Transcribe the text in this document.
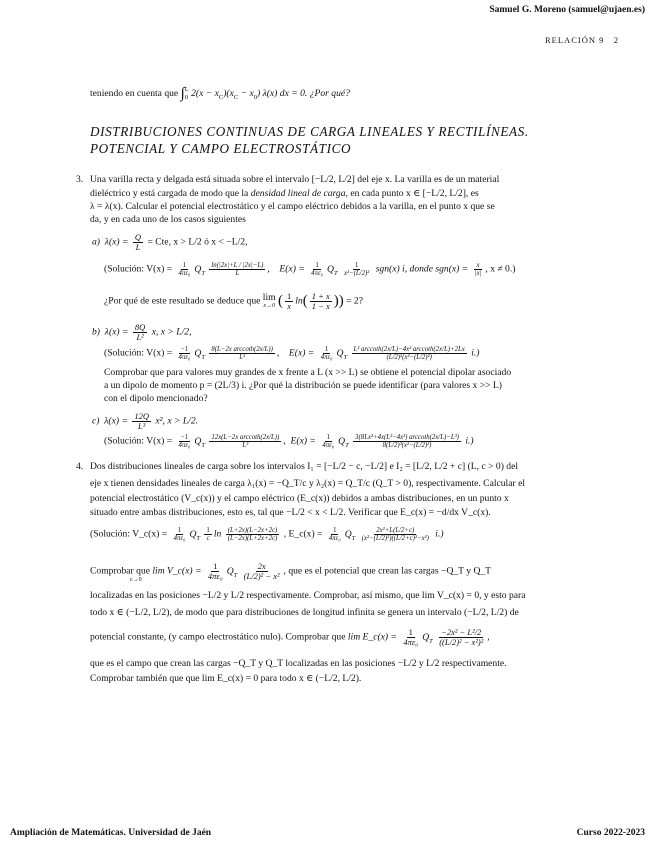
Samuel G. Moreno (samuel@ujaen.es)
RELACIÓN 9 2
teniendo en cuenta que ∫ L
0 $2(x - x_C)(x_C - x_0)$ λ(x) dx = 0. ¿Por qué?
DISTRIBUCIONES CONTINUAS DE CARGA LINEALES Y RECTILÍNEAS.
POTENCIAL Y CAMPO ELECTROSTÁTICO
3. Una varilla recta y delgada está situada sobre el intervalo [−L/2, L/2] del eje x. La varilla es de un material
dieléctrico y está cargada de modo que la densidad lineal de carga, en cada punto x ∈ [−L/2, L/2], es
λ = λ(x). Calcular el potencial electrostático y el campo eléctrico debidos a la varilla, en el punto x que se
da, y en cada uno de los casos siguientes
a) $\lambda(x) = \frac{Q}{L}$ = Cte, x > L/2 ó x < −L/2,
(Solución: $V(x) = \frac{1}{\text{4πε₀}} Q_T \frac{\ln(|2x|+L / |2x|-L)}{L}$ ,    $E(x) = \frac{1}{\text{4πε₀}} Q_T \frac{1}{\text{x²−(L/2)²}} sgn(x)$ i, donde $sgn(x) = \frac{x}{|x|}$ , x ≠ 0.)
¿Por qué de este resultado se deduce que lim
x→0 ( $\frac{1}{x} \ln( \frac{1 + x}{1 - x}$ )) = 2?
b) $\lambda(x) = \frac{8Q}{\text{L²}} x$, x > L/2,
(Solución: $V(x) = \frac{-1}{\text{4πε₀}} Q_T \frac{\text{8(L−2x arccoth(2x/L))}}{\text{L²}}$ ,    $E(x) = \frac{1}{\text{4πε₀}} Q_T \frac{\text{L² arccoth(2x/L)−4x² arccoth(2x/L)+2Lx}}{\text{(L/2)²(x²−(L/2)²)}} i$.)
Comprobar que para valores muy grandes de x frente a L (x >> L) se obtiene el potencial dipolar asociado
a un dipolo de momento p = (2L/3) i. ¿Por qué la distribución se puede identificar (para valores x >> L)
con el dipolo mencionado?
c) $\lambda(x) = \frac{12Q}{\text{L³}} x^2$, x > L/2.
(Solución: $V(x) = \frac{-1}{\text{4πε₀}} Q_T \frac{\text{12x(L−2x arccoth(2x/L))}}{\text{L³}}$ ,  $E(x) = \frac{1}{\text{4πε₀}} Q_T \frac{\text{3(8Lx²+4x(L²−4x²) arccoth(2x/L)−L³)}}{\text{8(L/2)³(x²−(L/2)²)}} i$.)
4. Dos distribuciones lineales de carga sobre los intervalos I₁ = [−L/2 − c, −L/2] e I₂ = [L/2, L/2 + c] (L, c > 0) del
eje x tienen densidades lineales de carga λ₁(x) = −Q_T/c y λ₂(x) = Q_T/c (Q_T > 0), respectivamente. Calcular el
potencial electrostático (V_c(x)) y el campo eléctrico (E_c(x)) debidos a ambas distribuciones, en un punto x
situado entre ambas distribuciones, esto es, tal que −L/2 < x < L/2. Verificar que E_c(x) = −d/dx V_c(x).
(Solución: V_c(x) = $\frac{1}{\text{4πε₀}} Q_T \frac{1}{c}$ $\ln \frac{(L+2x)(L-2x+2c)}{(L-2x)(L+2x+2c)}$ , E_c(x) = $\frac{1}{\text{4πε₀}} Q_T \frac{\text{2x²+L(L/2+c)}}{\text{(x²−(L/2)²)((L/2+c)²−x²)}} i$.)
Comprobar que lim V_c(x) = $\frac{1}{\text{4πε₀}} Q_T \frac{2x}{\text{(L/2)² − x²}}$ , que es el potencial que crean las cargas −Q_T y Q_T
c→0
localizadas en las posiciones −L/2 y L/2 respectivamente. Comprobar, así mismo, que lim V_c(x) = 0, y esto para
todo x ∈ (−L/2, L/2), de modo que para distribuciones de longitud infinita se genera un intervalo (−L/2, L/2) de
potencial constante, (y campo electrostático nulo). Comprobar que lim E_c(x) = $\frac{1}{\text{4πε₀}} Q_T \frac{\text{−2x² − L²/2}}{\text{((L/2)² − x²)²}}$ ,
que es el campo que crean las cargas −Q_T y Q_T localizadas en las posiciones −L/2 y L/2 respectivamente.
Comprobar también que que lim E_c(x) = 0 para todo x ∈ (−L/2, L/2).
Ampliación de Matemáticas. Universidad de Jaén	Curso 2022-2023
